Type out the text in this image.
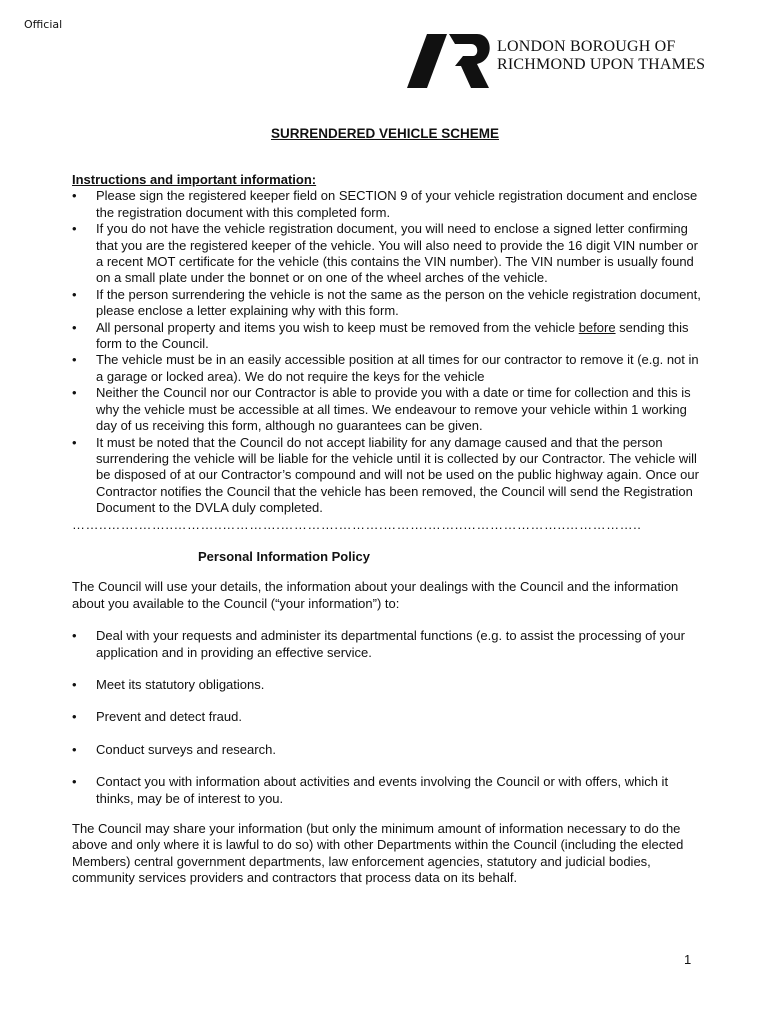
Official
LONDON BOROUGH OF
RICHMOND UPON THAMES
SURRENDERED VEHICLE SCHEME
Instructions and important information:
• Please sign the registered keeper field on SECTION 9 of your vehicle registration document and enclose the registration document with this completed form.
• If you do not have the vehicle registration document, you will need to enclose a signed letter confirming that you are the registered keeper of the vehicle. You will also need to provide the 16 digit VIN number or a recent MOT certificate for the vehicle (this contains the VIN number). The VIN number is usually found on a small plate under the bonnet or on one of the wheel arches of the vehicle.
• If the person surrendering the vehicle is not the same as the person on the vehicle registration document, please enclose a letter explaining why with this form.
• All personal property and items you wish to keep must be removed from the vehicle before sending this form to the Council.
• The vehicle must be in an easily accessible position at all times for our contractor to remove it (e.g. not in a garage or locked area). We do not require the keys for the vehicle
• Neither the Council nor our Contractor is able to provide you with a date or time for collection and this is why the vehicle must be accessible at all times. We endeavour to remove your vehicle within 1 working day of us receiving this form, although no guarantees can be given.
• It must be noted that the Council do not accept liability for any damage caused and that the person surrendering the vehicle will be liable for the vehicle until it is collected by our Contractor. The vehicle will be disposed of at our Contractor’s compound and will not be used on the public highway again. Once our Contractor notifies the Council that the vehicle has been removed, the Council will send the Registration Document to the DVLA duly completed.
……..…….……..………..………….………….……….……….……..…………………..……………..
Personal Information Policy
The Council will use your details, the information about your dealings with the Council and the information about you available to the Council (“your information”) to:
• Deal with your requests and administer its departmental functions (e.g. to assist the processing of your application and in providing an effective service.
• Meet its statutory obligations.
• Prevent and detect fraud.
• Conduct surveys and research.
• Contact you with information about activities and events involving the Council or with offers, which it thinks, may be of interest to you.
The Council may share your information (but only the minimum amount of information necessary to do the above and only where it is lawful to do so) with other Departments within the Council (including the elected Members) central government departments, law enforcement agencies, statutory and judicial bodies, community services providers and contractors that process data on its behalf.
1
